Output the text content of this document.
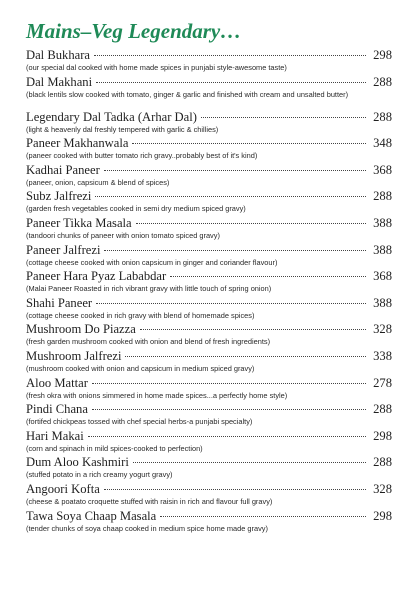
Mains–Veg Legendary…
Dal Bukhara	298
(our special dal cooked with home made spices in punjabi style-awesome taste)
Dal Makhani	288
(black lentils slow cooked with tomato, ginger & garlic and finished with cream and unsalted butter)
Legendary Dal Tadka (Arhar Dal)	288
(light & heavenly dal freshly tempered with garlic & chillies)
Paneer Makhanwala	348
(paneer cooked with butter tomato rich gravy..probably best of it's kind)
Kadhai Paneer	368
(paneer, onion, capsicum & blend of spices)
Subz Jalfrezi	288
(garden fresh vegetables cooked in semi dry medium spiced gravy)
Paneer Tikka Masala	388
(tandoori chunks of paneer with onion tomato spiced gravy)
Paneer Jalfrezi	388
(cottage cheese cooked with onion capsicum in ginger and coriander flavour)
Paneer Hara Pyaz Lababdar	368
(Malai Paneer Roasted in rich vibrant gravy with little touch of spring onion)
Shahi Paneer	388
(cottage cheese cooked in rich gravy with blend of homemade spices)
Mushroom Do Piazza	328
(fresh garden mushroom cooked with onion and blend of fresh ingredients)
Mushroom Jalfrezi	338
(mushroom cooked with onion and capsicum in medium spiced gravy)
Aloo Mattar	278
(fresh okra with onions simmered in home made spices...a perfectly home style)
Pindi Chana	288
(fortifed chickpeas tossed with chef special herbs-a punjabi specialty)
Hari Makai	298
(corn and spinach in mild spices-cooked to perfection)
Dum Aloo Kashmiri	288
(stuffed potato in a rich creamy yogurt gravy)
Angoori Kofta	328
(cheese & poatato croquette stuffed with raisin in rich and flavour full gravy)
Tawa Soya Chaap Masala	298
(tender chunks of soya chaap cooked in medium spice home made gravy)
